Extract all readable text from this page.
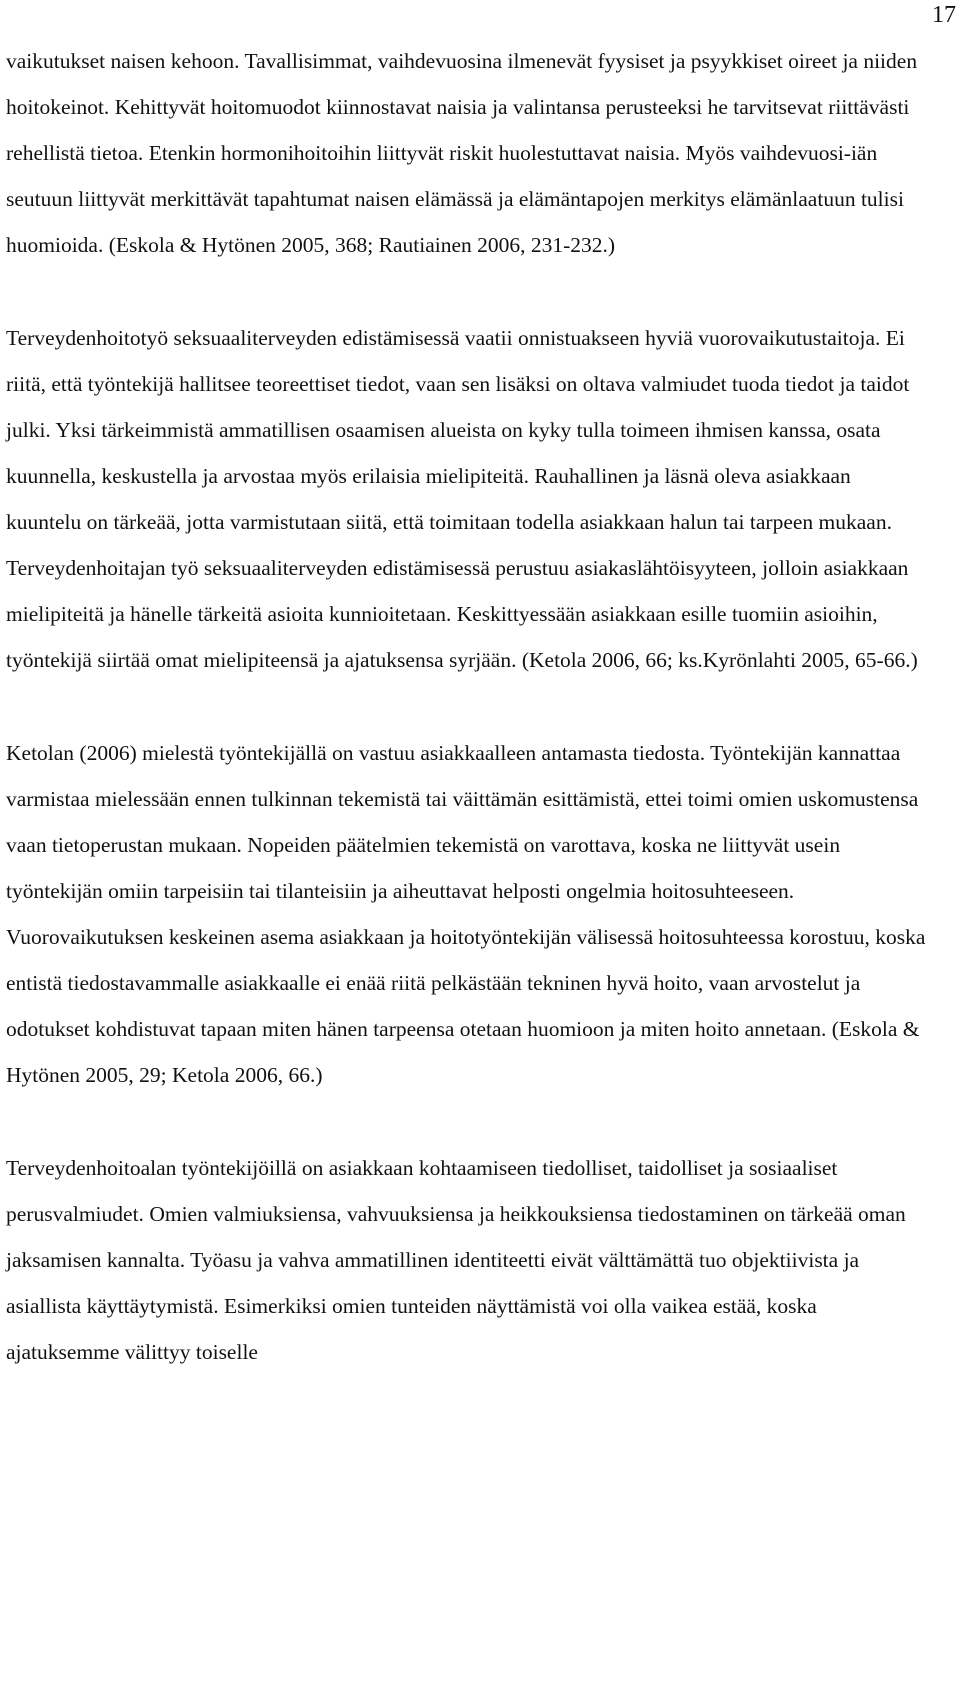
17

vaikutukset naisen kehoon. Tavallisimmat, vaihdevuosina ilmenevät fyysiset ja psyykkiset oireet ja niiden hoitokeinot. Kehittyvät hoitomuodot kiinnostavat naisia ja valintansa perusteeksi he tarvitsevat riittävästi rehellistä tietoa. Etenkin hormonihoitoihin liittyvät riskit huolestuttavat naisia. Myös vaihdevuosi-iän seutuun liittyvät merkittävät tapahtumat naisen elämässä ja elämäntapojen merkitys elämänlaatuun tulisi huomioida. (Eskola & Hytönen 2005, 368; Rautiainen 2006, 231-232.)

Terveydenhoitotyö seksuaaliterveyden edistämisessä vaatii onnistuakseen hyviä vuorovaikutustaitoja. Ei riitä, että työntekijä hallitsee teoreettiset tiedot, vaan sen lisäksi on oltava valmiudet tuoda tiedot ja taidot julki. Yksi tärkeimmistä ammatillisen osaamisen alueista on kyky tulla toimeen ihmisen kanssa, osata kuunnella, keskustella ja arvostaa myös erilaisia mielipiteitä. Rauhallinen ja läsnä oleva asiakkaan kuuntelu on tärkeää, jotta varmistutaan siitä, että toimitaan todella asiakkaan halun tai tarpeen mukaan.Terveydenhoitajan työ seksuaaliterveyden edistämisessä perustuu asiakaslähtöisyyteen, jolloin asiakkaan mielipiteitä ja hänelle tärkeitä asioita kunnioitetaan. Keskittyessään asiakkaan esille tuomiin asioihin, työntekijä siirtää omat mielipiteensä ja ajatuksensa syrjään. (Ketola 2006, 66; ks.Kyrönlahti 2005, 65-66.)

Ketolan (2006) mielestä työntekijällä on vastuu asiakkaalleen antamasta tiedosta. Työntekijän kannattaa varmistaa mielessään ennen tulkinnan tekemistä tai väittämän esittämistä, ettei toimi omien uskomustensa vaan tietoperustan mukaan. Nopeiden päätelmien tekemistä on varottava, koska ne liittyvät usein työntekijän omiin tarpeisiin tai tilanteisiin ja aiheuttavat helposti ongelmia hoitosuhteeseen.Vuorovaikutuksen keskeinen asema asiakkaan ja hoitotyöntekijän välisessä hoitosuhteessa korostuu, koska entistä tiedostavammalle asiakkaalle ei enää riitä pelkästään tekninen hyvä hoito, vaan arvostelut ja odotukset kohdistuvat tapaan miten hänen tarpeensa otetaan huomioon ja miten hoito annetaan. (Eskola & Hytönen 2005, 29; Ketola 2006, 66.)

Terveydenhoitoalan työntekijöillä on asiakkaan kohtaamiseen tiedolliset, taidolliset ja sosiaaliset perusvalmiudet. Omien valmiuksiensa, vahvuuksiensa ja heikkouksiensa tiedostaminen on tärkeää oman jaksamisen kannalta. Työasu ja vahva ammatillinen identiteetti eivät välttämättä tuo objektiivista ja asiallista käyttäytymistä. Esimerkiksi omien tunteiden näyttämistä voi olla vaikea estää, koska ajatuksemme välittyy toiselle
